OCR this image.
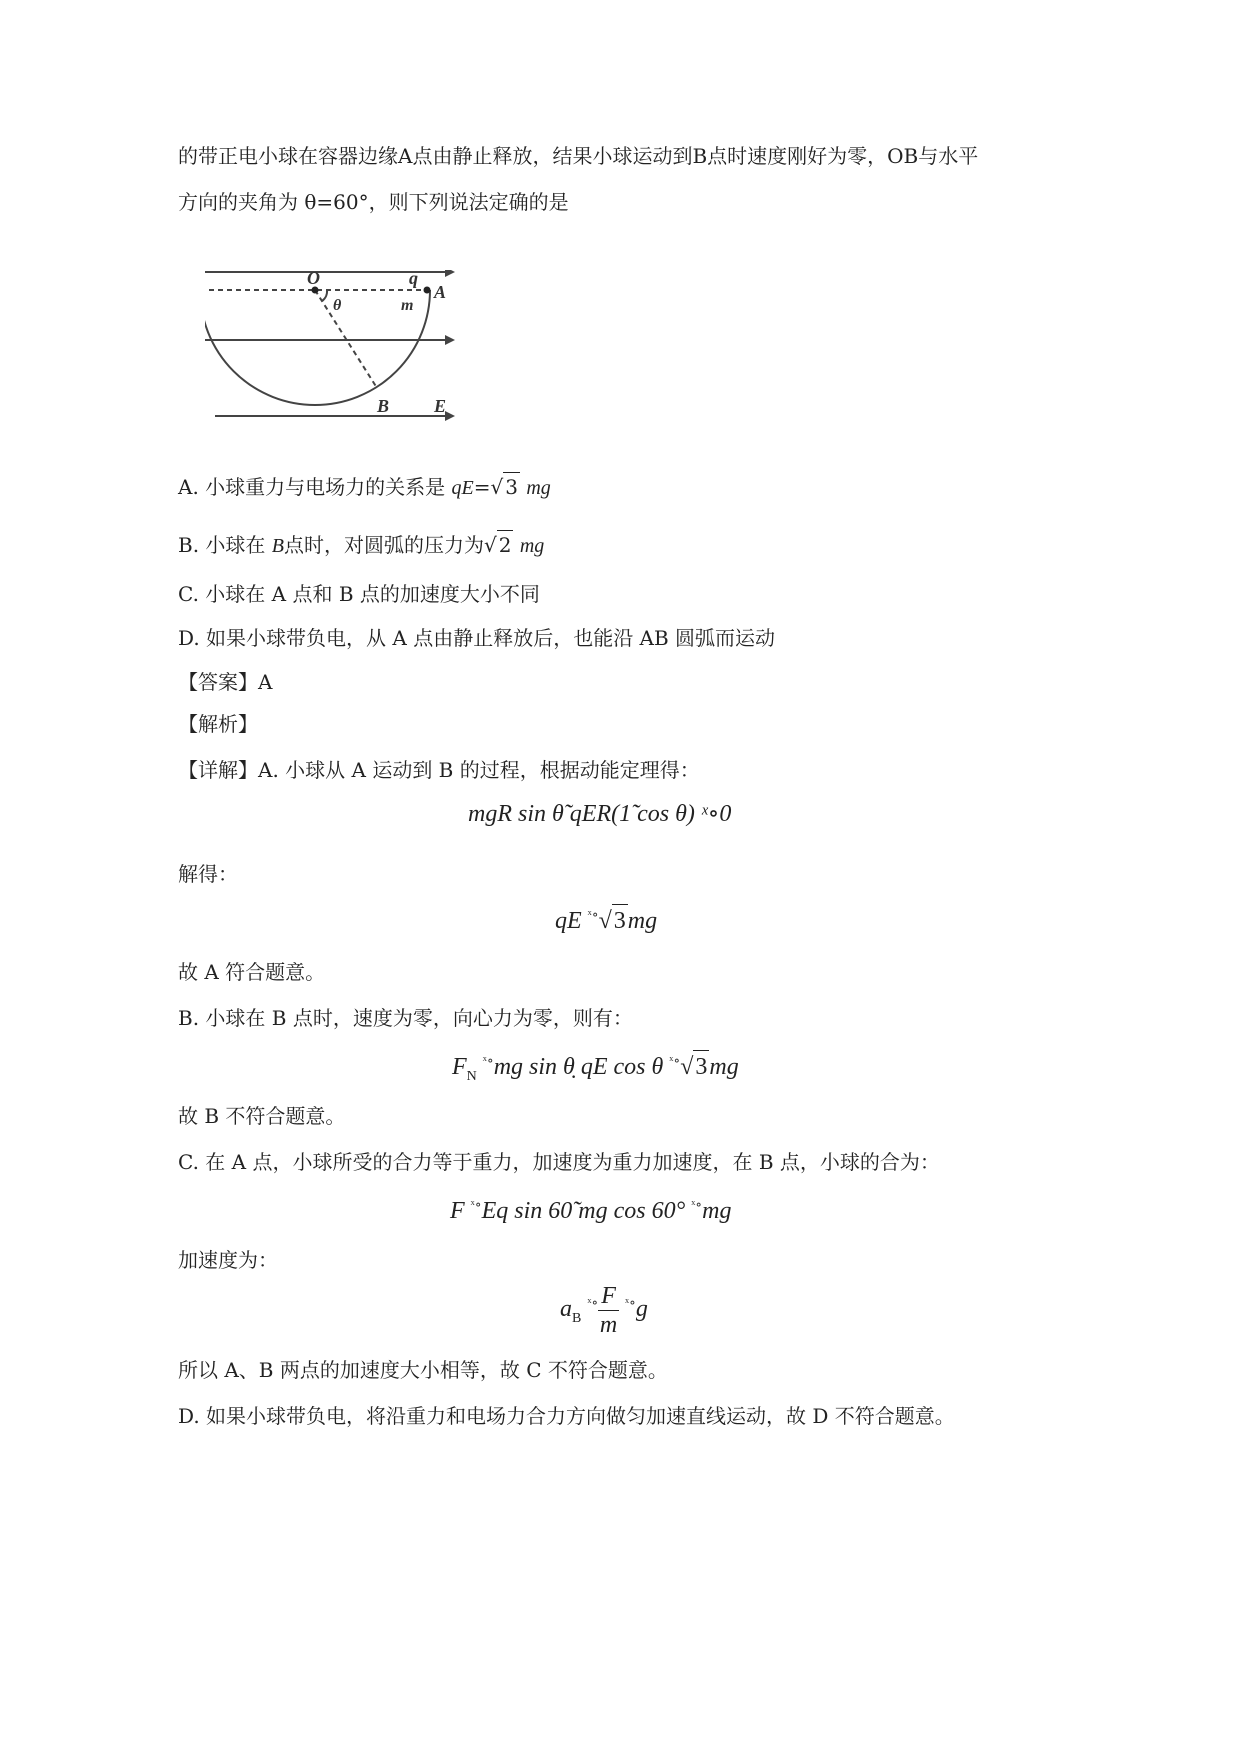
的带正电小球在容器边缘A点由静止释放，结果小球运动到B点时速度刚好为零，OB与水平
方向的夹角为 θ=60°，则下列说法定确的是
O	q
A
m
θ
B E
A. 小球重力与电场力的关系是 qE=√ 3 mg
B. 小球在 B点时，对圆弧的压力为√ 2 mg
C. 小球在 A 点和 B 点的加速度大小不同
D. 如果小球带负电，从 A 点由静止释放后，也能沿 AB 圆弧而运动
【答案】A
【解析】
【详解】A. 小球从 A 运动到 B 的过程，根据动能定理得：
mgR sin θ̃ qER(1̃ cos θ) ˣ∘0
解得：
qE $^{ˣ\circ}$√3mg
故 A 符合题意。
B. 小球在 B 点时，速度为零，向心力为零，则有：
$F_N$ $^{ˣ\circ}$mg sin θ̣ qE cos θ $^{ˣ\circ}$√3mg
故 B 不符合题意。
C. 在 A 点，小球所受的合力等于重力，加速度为重力加速度，在 B 点，小球的合为：
F $^{ˣ\circ}$Eq sin 60̃ mg cos 60° $^{ˣ\circ}$mg
加速度为：
$a_B$ $^{ˣ\circ} \frac{F}{m} ^{ˣ\circ}g$
所以 A、B 两点的加速度大小相等，故 C 不符合题意。
D. 如果小球带负电，将沿重力和电场力合力方向做匀加速直线运动，故 D 不符合题意。
